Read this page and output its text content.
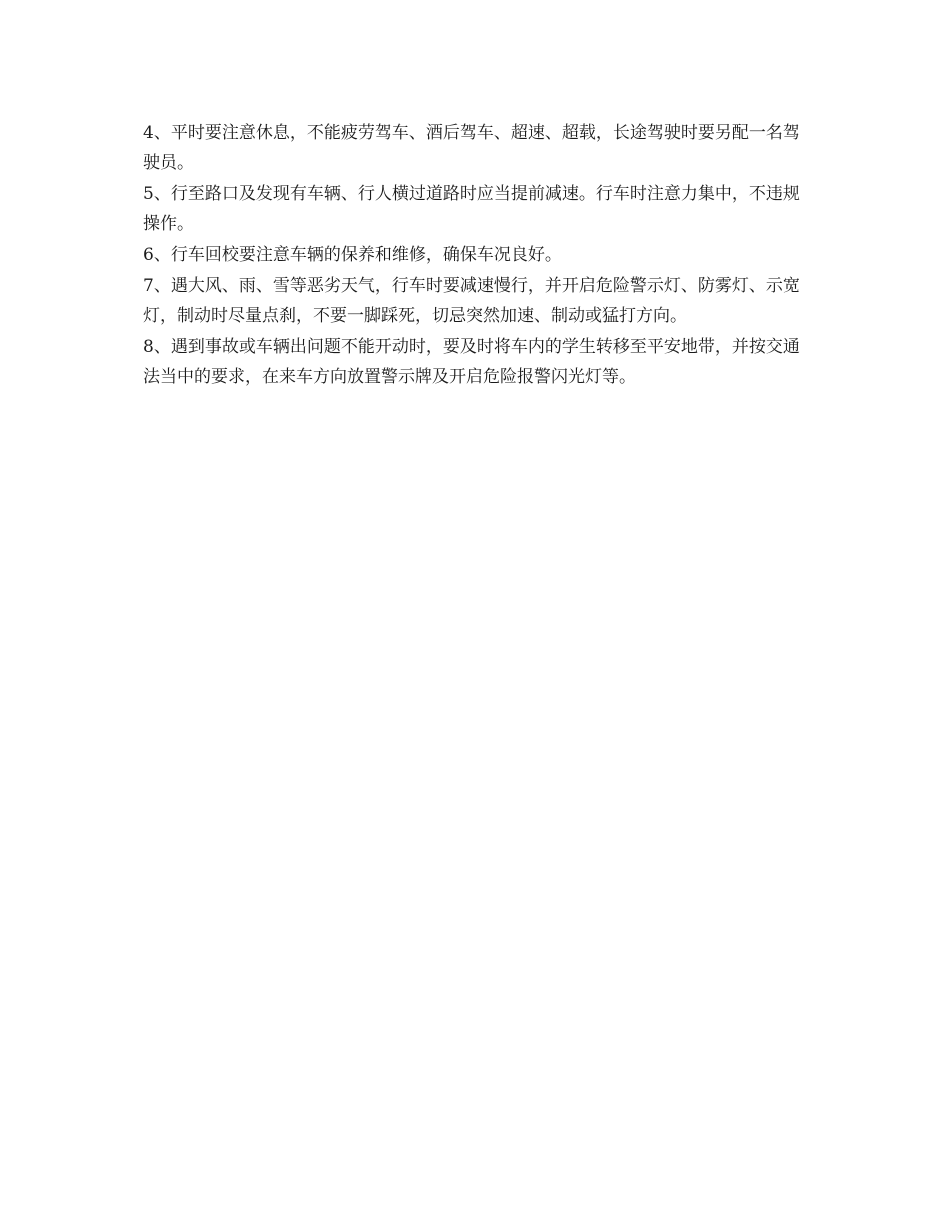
4、平时要注意休息，不能疲劳驾车、酒后驾车、超速、超载，长途驾驶时要另配一名驾驶员。

5、行至路口及发现有车辆、行人横过道路时应当提前减速。行车时注意力集中，不违规操作。

6、行车回校要注意车辆的保养和维修，确保车况良好。

7、遇大风、雨、雪等恶劣天气，行车时要减速慢行，并开启危险警示灯、防雾灯、示宽灯，制动时尽量点刹，不要一脚踩死，切忌突然加速、制动或猛打方向。

8、遇到事故或车辆出问题不能开动时，要及时将车内的学生转移至平安地带，并按交通法当中的要求，在来车方向放置警示牌及开启危险报警闪光灯等。
